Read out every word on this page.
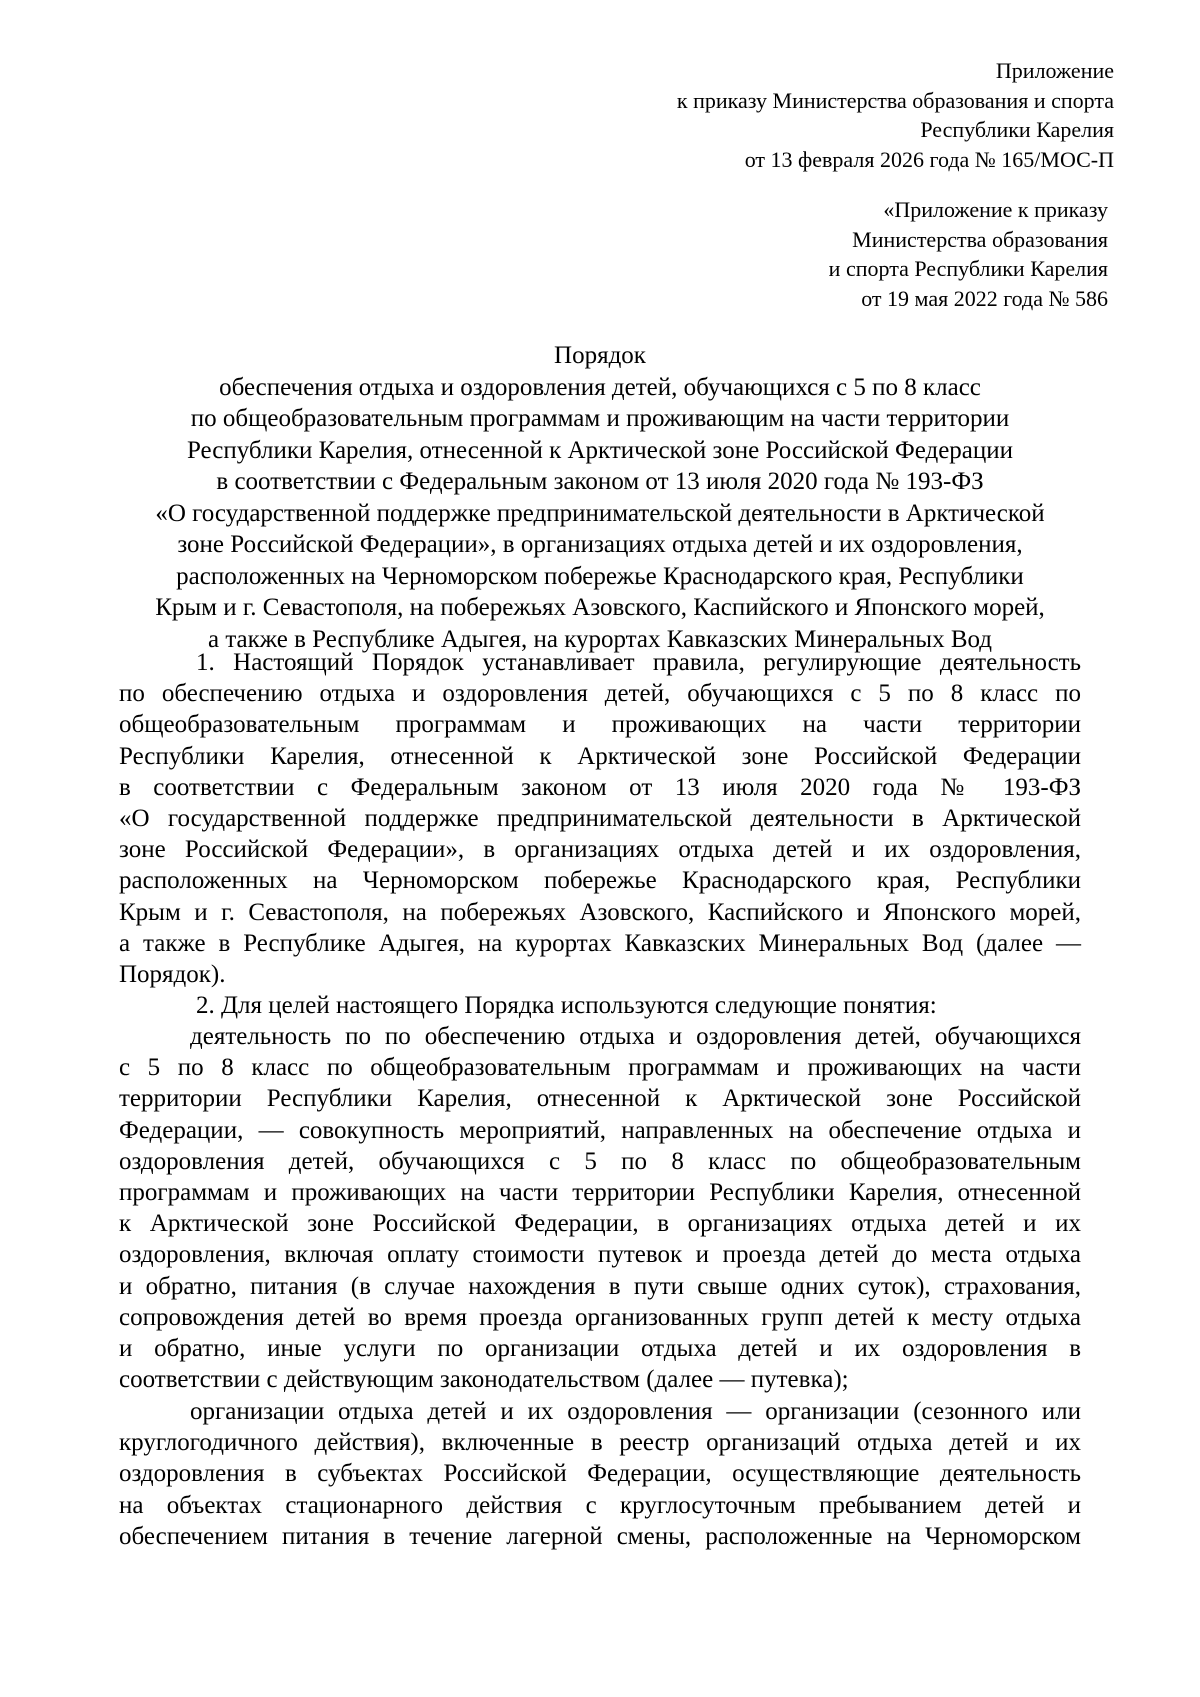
Приложение
к приказу Министерства образования и спорта
Республики Карелия
от 13 февраля 2026 года № 165/МОС-П
«Приложение к приказу
Министерства образования
и спорта Республики Карелия
от 19 мая 2022 года № 586
Порядок
обеспечения отдыха и оздоровления детей, обучающихся с 5 по 8 класс
по общеобразовательным программам и проживающим на части территории
Республики Карелия, отнесенной к Арктической зоне Российской Федерации
в соответствии с Федеральным законом от 13 июля 2020 года № 193-ФЗ
«О государственной поддержке предпринимательской деятельности в Арктической
зоне Российской Федерации», в организациях отдыха детей и их оздоровления,
расположенных на Черноморском побережье Краснодарского края, Республики
Крым и г. Севастополя, на побережьях Азовского, Каспийского и Японского морей,
а также в Республике Адыгея, на курортах Кавказских Минеральных Вод
1. Настоящий Порядок устанавливает правила, регулирующие деятельность
по обеспечению отдыха и оздоровления детей, обучающихся с 5 по 8 класс по
общеобразовательным программам и проживающих на части территории
Республики Карелия, отнесенной к Арктической зоне Российской Федерации
в соответствии с Федеральным законом от 13 июля 2020 года № 193-ФЗ
«О государственной поддержке предпринимательской деятельности в Арктической
зоне Российской Федерации», в организациях отдыха детей и их оздоровления,
расположенных на Черноморском побережье Краснодарского края, Республики
Крым и г. Севастополя, на побережьях Азовского, Каспийского и Японского морей,
а также в Республике Адыгея, на курортах Кавказских Минеральных Вод (далее —
Порядок).
2. Для целей настоящего Порядка используются следующие понятия:
деятельность по по обеспечению отдыха и оздоровления детей, обучающихся
с 5 по 8 класс по общеобразовательным программам и проживающих на части
территории Республики Карелия, отнесенной к Арктической зоне Российской
Федерации, — совокупность мероприятий, направленных на обеспечение отдыха и
оздоровления детей, обучающихся с 5 по 8 класс по общеобразовательным
программам и проживающих на части территории Республики Карелия, отнесенной
к Арктической зоне Российской Федерации, в организациях отдыха детей и их
оздоровления, включая оплату стоимости путевок и проезда детей до места отдыха
и обратно, питания (в случае нахождения в пути свыше одних суток), страхования,
сопровождения детей во время проезда организованных групп детей к месту отдыха
и обратно, иные услуги по организации отдыха детей и их оздоровления в
соответствии с действующим законодательством (далее — путевка);
организации отдыха детей и их оздоровления — организации (сезонного или
круглогодичного действия), включенные в реестр организаций отдыха детей и их
оздоровления в субъектах Российской Федерации, осуществляющие деятельность
на объектах стационарного действия с круглосуточным пребыванием детей и
обеспечением питания в течение лагерной смены, расположенные на Черноморском
